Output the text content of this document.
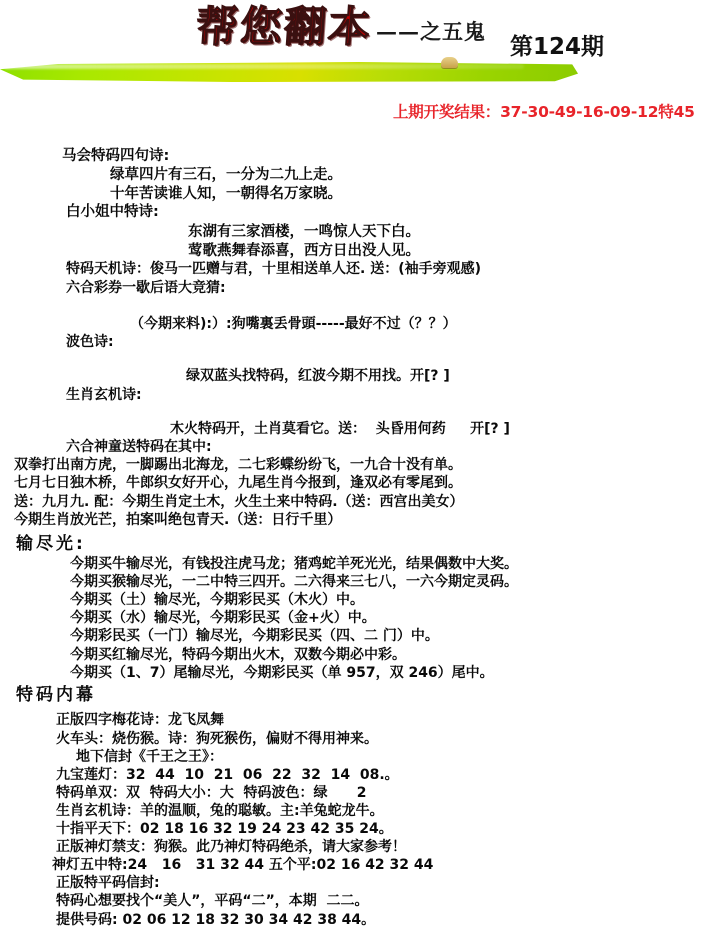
帮您翻本 ——之五鬼
第124期
上期开奖结果：37-30-49-16-09-12特45
马会特码四句诗:
绿草四片有三石，一分为二九上走。
十年苦读谁人知，一朝得名万家晓。
白小姐中特诗:
东湖有三家酒楼，一鸣惊人天下白。
莺歌燕舞春添喜，西方日出没人见。
特码天机诗：俊马一匹赠与君，十里相送单人还. 送：(袖手旁观感)
六合彩券一歇后语大竞猜:
（今期来料):）:狗嘴裏丢骨頭-----最好不过（？？）
波色诗:
绿双蓝头找特码，红波今期不用找。开[? ]
生肖玄机诗:
木火特码开，土肖莫看它。送：  头昏用何药     开[? ]
六合神童送特码在其中:
双拳打出南方虎，一脚踢出北海龙，二七彩蝶纷纷飞，一九合十没有单。
七月七日独木桥，牛郎织女好开心，九尾生肖今报到，逢双必有零尾到。
送：九月九. 配：今期生肖定土木，火生土来中特码.（送：西宫出美女）
今期生肖放光芒，拍案叫绝包青天.（送：日行千里）
输尽光:
今期买牛输尽光，有钱投注虎马龙；猪鸡蛇羊死光光，结果偶数中大奖。
今期买猴输尽光，一二中特三四开。二六得来三七八，一六今期定灵码。
今期买（土）输尽光，今期彩民买（木火）中。
今期买（水）输尽光，今期彩民买（金+火）中。
今期彩民买（一门）输尽光，今期彩民买（四、二 门）中。
今期买红输尽光，特码今期出火木，双数今期必中彩。
今期买（1、7）尾输尽光，今期彩民买（单 957，双 246）尾中。
特码内幕
正版四字梅花诗：龙飞凤舞
火车头：烧伤猴。诗：狗死猴伤，偏财不得用神来。
地下信封《千王之王》：
九宝莲灯：32  44  10  21  06  22  32  14  08.。
特码单双：双  特码大小：大  特码波色：绿      2
生肖玄机诗：羊的温顺，兔的聪敏。主:羊兔蛇龙牛。
十指平天下：02 18 16 32 19 24 23 42 35 24。
正版神灯禁支：狗猴。此乃神灯特码绝杀，请大家参考！
神灯五中特:24   16   31 32 44 五个平:02 16 42 32 44
正版特平码信封:
特码心想要找个“美人”，平码“二”，本期  二二。
提供号码: 02 06 12 18 32 30 34 42 38 44。
